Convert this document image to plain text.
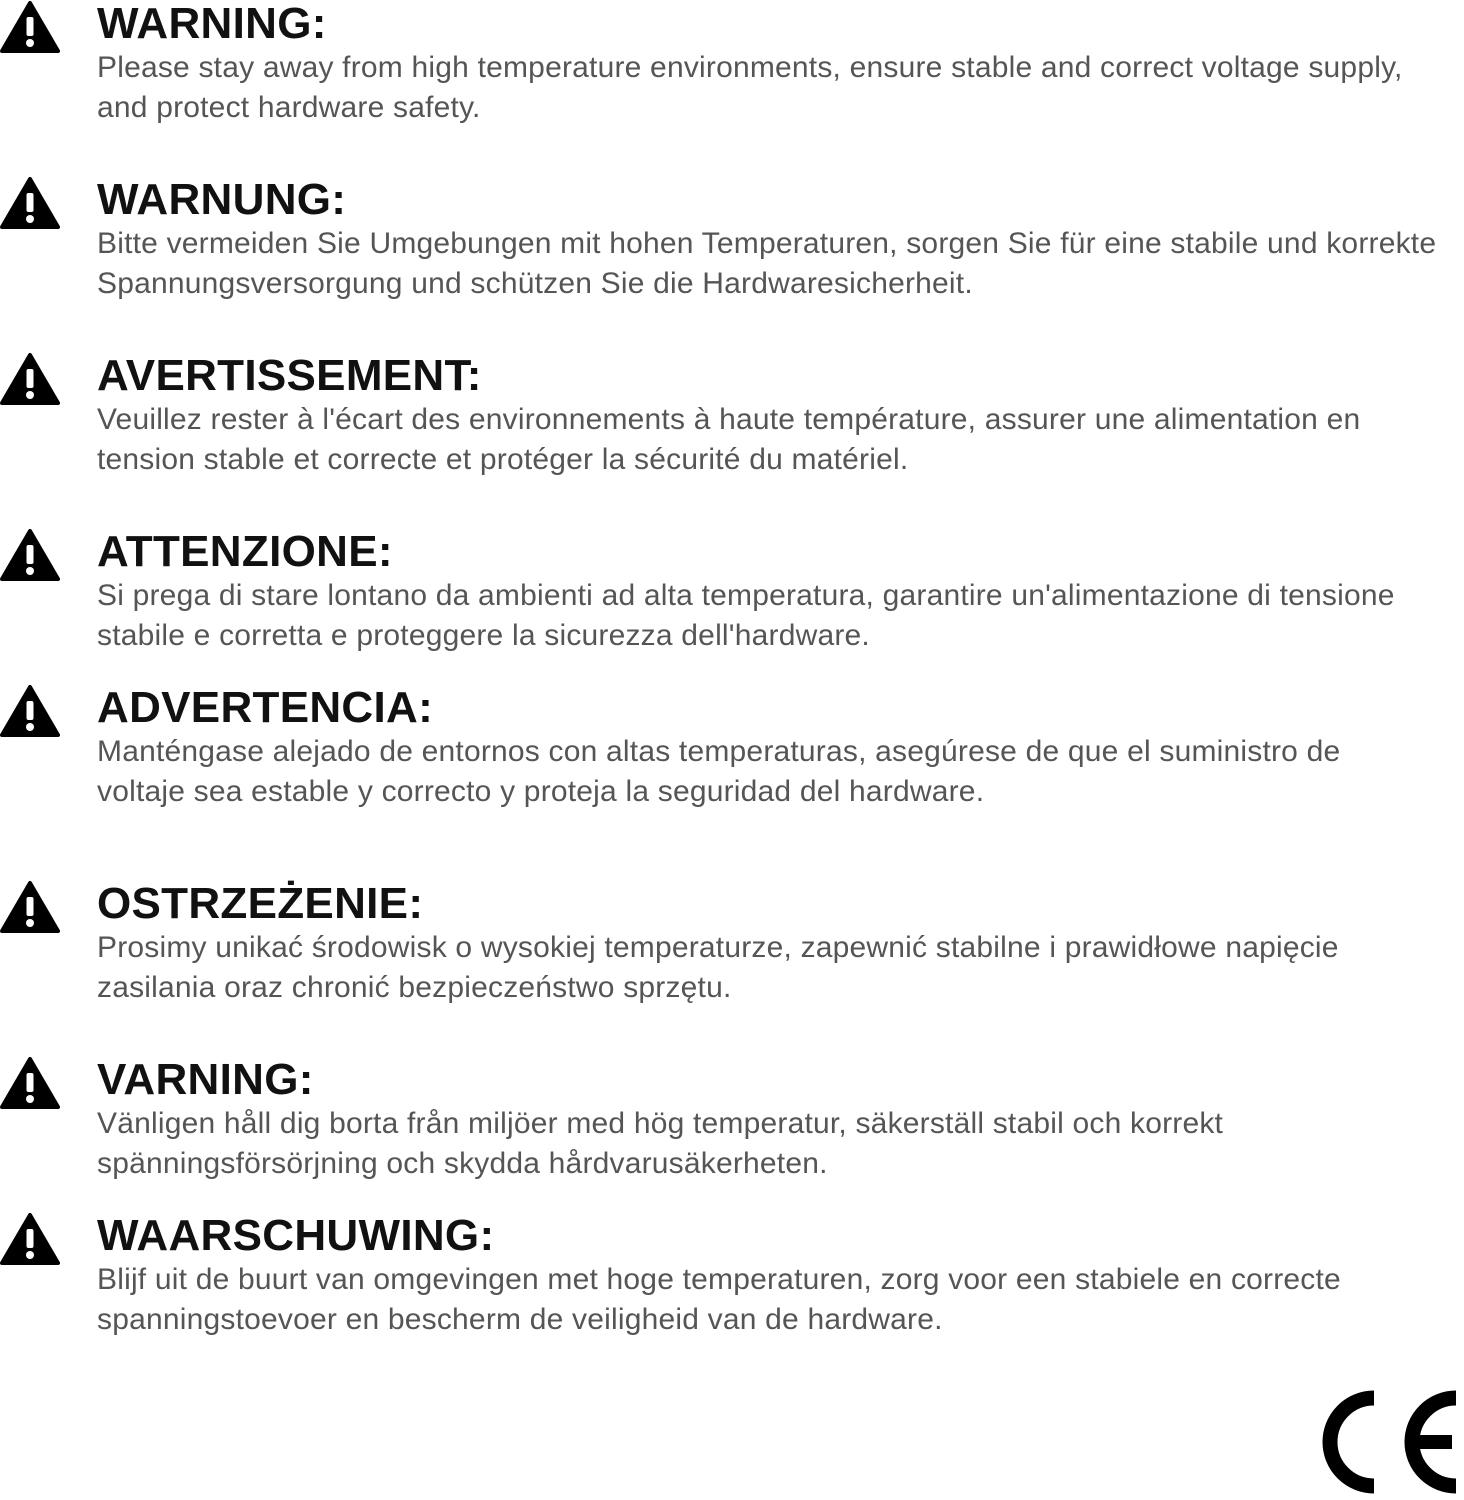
WARNING:
Please stay away from high temperature environments, ensure stable and correct voltage supply, and protect hardware safety.
WARNUNG:
Bitte vermeiden Sie Umgebungen mit hohen Temperaturen, sorgen Sie für eine stabile und korrekte Spannungsversorgung und schützen Sie die Hardwaresicherheit.
AVERTISSEMENT:
Veuillez rester à l'écart des environnements à haute température, assurer une alimentation en tension stable et correcte et protéger la sécurité du matériel.
ATTENZIONE:
Si prega di stare lontano da ambienti ad alta temperatura, garantire un'alimentazione di tensione stabile e corretta e proteggere la sicurezza dell'hardware.
ADVERTENCIA:
Manténgase alejado de entornos con altas temperaturas, asegúrese de que el suministro de voltaje sea estable y correcto y proteja la seguridad del hardware.
OSTRZEŻENIE:
Prosimy unikać środowisk o wysokiej temperaturze, zapewnić stabilne i prawidłowe napięcie zasilania oraz chronić bezpieczeństwo sprzętu.
VARNING:
Vänligen håll dig borta från miljöer med hög temperatur, säkerställ stabil och korrekt spänningsförsörjning och skydda hårdvarusäkerheten.
WAARSCHUWING:
Blijf uit de buurt van omgevingen met hoge temperaturen, zorg voor een stabiele en correcte spanningstoevoer en bescherm de veiligheid van de hardware.
